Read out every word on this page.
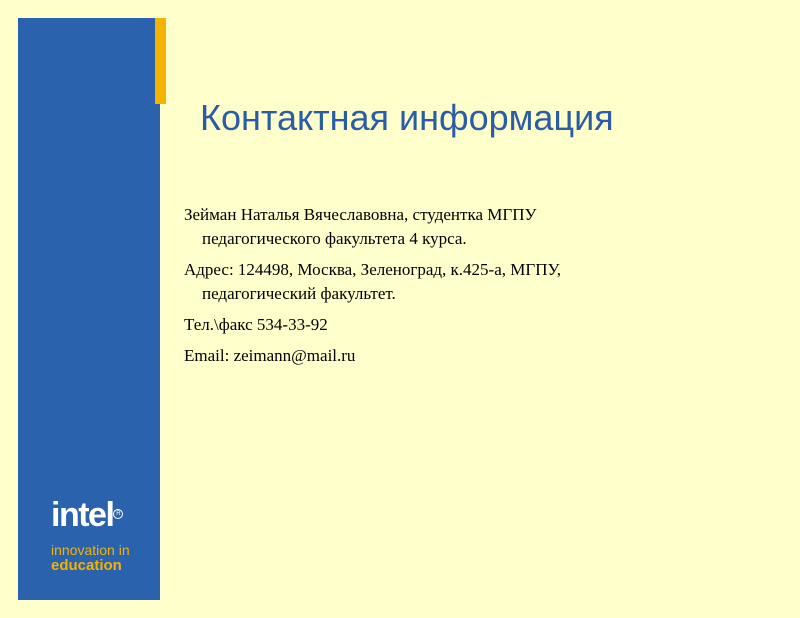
intel R
innovation in
education
Контактная информация

Зейман Наталья Вячеславовна, студентка МГПУ
педагогического факультета 4 курса.

Адрес: 124498, Москва, Зеленоград, к.425-а, МГПУ,
педагогический факультет.

Тел.\факс 534-33-92

Email: zeimann@mail.ru
